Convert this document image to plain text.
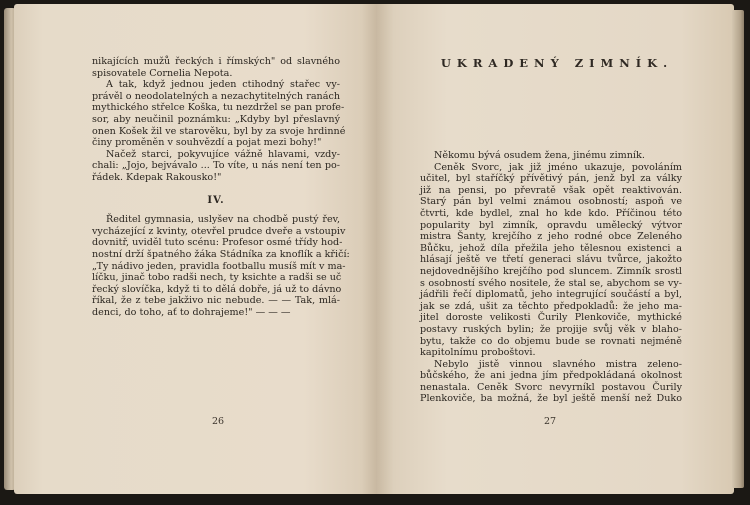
nikajících mužů řeckých i římských" od slavného
spisovatele Cornelia Nepota.
A tak, když jednou jeden ctihodný stařec vy-
právěl o neodolatelných a nezachytitelných ranách
mythického střelce Koška, tu nezdržel se pan profe-
sor, aby neučinil poznámku: „Kdyby byl přeslavný
onen Košek žil ve starověku, byl by za svoje hrdinné
činy proměněn v souhvězdí a pojat mezi bohy!"
Načež starci, pokyvujíce vážně hlavami, vzdy-
chali: „Jojo, bejvávalo ... To víte, u nás není ten po-
řádek. Kdepak Rakousko!"
IV.
Ředitel gymnasia, uslyšev na chodbě pustý řev,
vycházející z kvinty, otevřel prudce dveře a vstoupiv
dovnitř, uviděl tuto scénu: Profesor osmé třídy hod-
nostní drží špatného žáka Stádníka za knoflík a křičí:
„Ty nádivo jeden, pravidla footballu musíš mít v ma-
líčku, jinač tobo radši nech, ty ksichte a radši se uč
řecký slovíčka, když ti to dělá dobře, já už to dávno
říkal, že z tebe jakživo nic nebude. — — Tak, mlá-
denci, do toho, ať to dohrajeme!" — — —
26
UKRADENÝ ZIMNÍK.
Někomu bývá osudem žena, jinému zimník.
Ceněk Svorc, jak již jméno ukazuje, povoláním
učitel, byl staříčký přívětivý pán, jenž byl za války
již na pensi, po převratě však opět reaktivován.
Starý pán byl velmi známou osobností; aspoň ve
čtvrti, kde bydlel, znal ho kde kdo. Příčinou této
popularity byl zimník, opravdu umělecký výtvor
mistra Šanty, krejčího z jeho rodné obce Zeleného
Bůčku, jehož díla přežila jeho tělesnou existenci a
hlásají ještě ve třetí generaci slávu tvůrce, jakožto
nejdovednějšího krejčího pod sluncem. Zimník srostl
s osobností svého nositele, že stal se, abychom se vy-
jádřili řečí diplomatů, jeho integrující součástí a byl,
jak se zdá, ušit za těchto předpokladů: že jeho ma-
jitel doroste velikosti Čurily Plenkoviče, mythické
postavy ruských bylin; že projije svůj věk v blaho-
bytu, takže co do objemu bude se rovnati nejméně
kapitolnímu proboštovi.
Nebylo jistě vinnou slavného mistra zeleno-
bůčského, že ani jedna jím předpokládaná okolnost
nenastala. Ceněk Svorc nevyrníkl postavou Čurily
Plenkoviče, ba možná, že byl ještě menší než Duko
27
